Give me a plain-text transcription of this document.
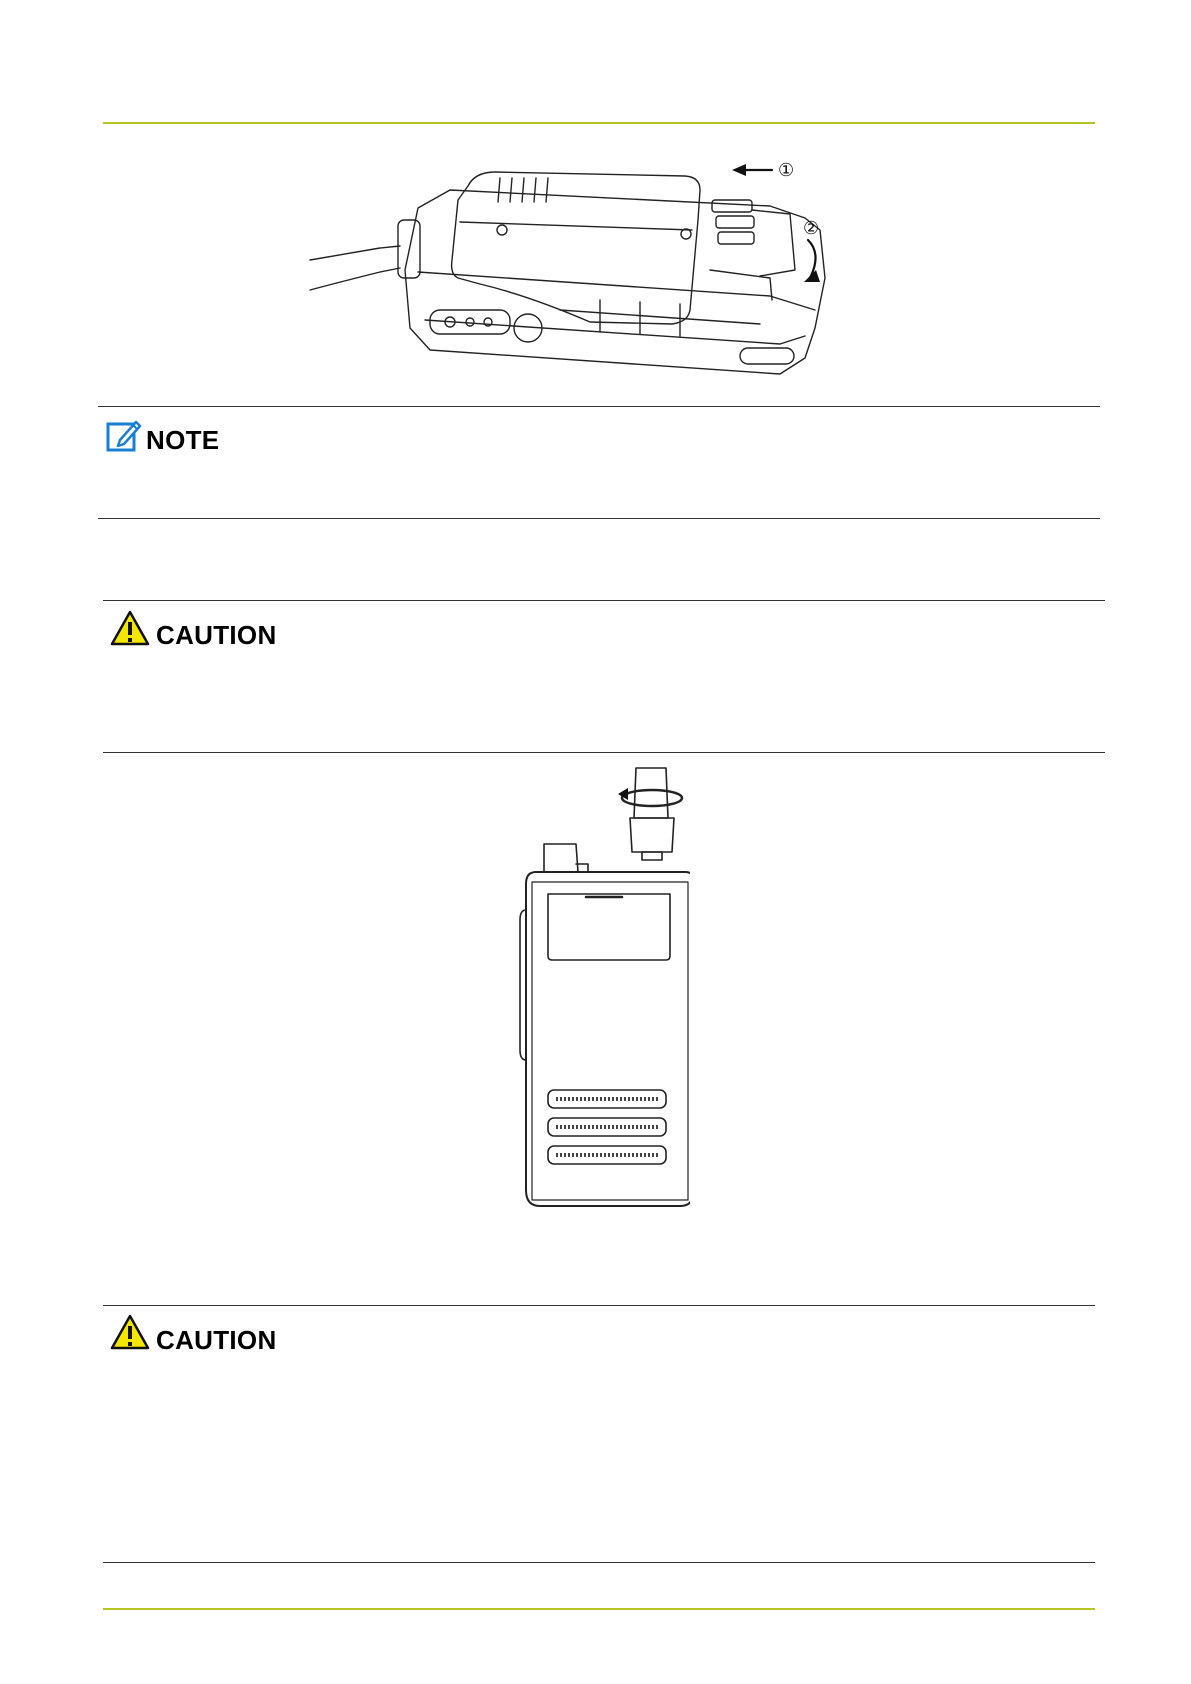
①
②
NOTE
CAUTION
CAUTION
